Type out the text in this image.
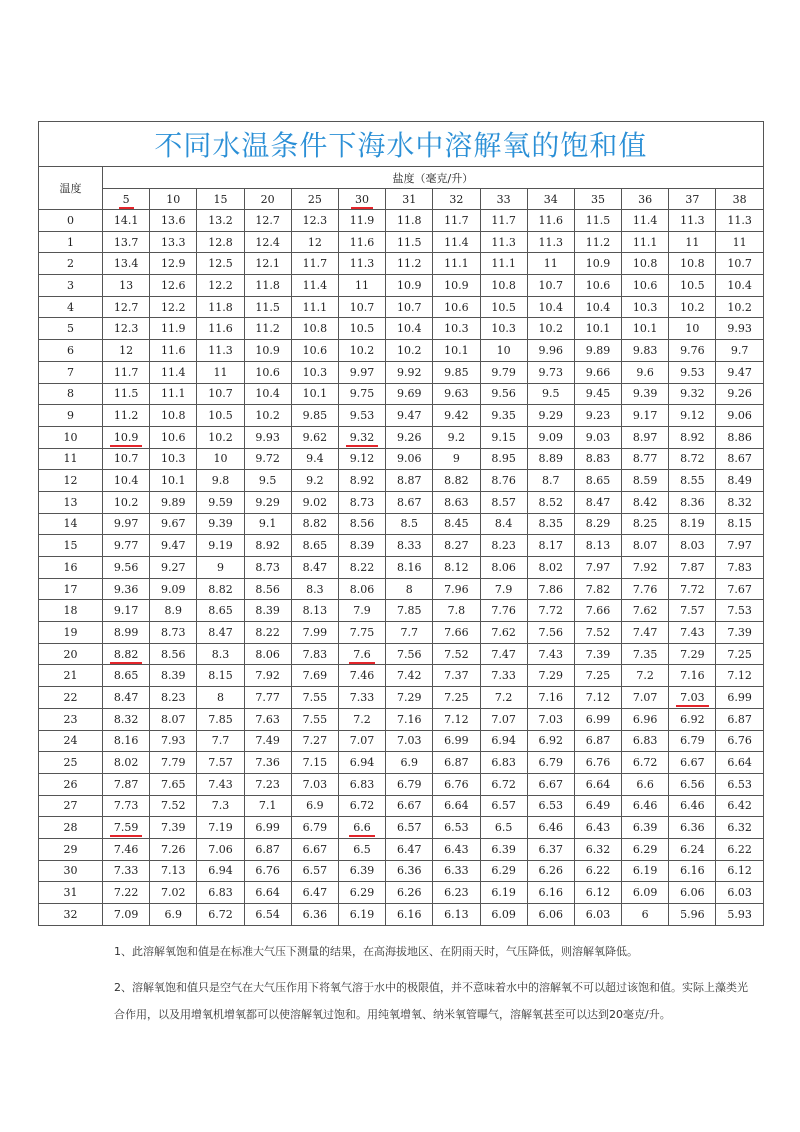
不同水温条件下海水中溶解氧的饱和值														
温度	盐度（毫克/升）													
	5	10	15	20	25	30	31	32	33	34	35	36	37	38
0	14.1	13.6	13.2	12.7	12.3	11.9	11.8	11.7	11.7	11.6	11.5	11.4	11.3	11.3
1	13.7	13.3	12.8	12.4	12	11.6	11.5	11.4	11.3	11.3	11.2	11.1	11	11
2	13.4	12.9	12.5	12.1	11.7	11.3	11.2	11.1	11.1	11	10.9	10.8	10.8	10.7
3	13	12.6	12.2	11.8	11.4	11	10.9	10.9	10.8	10.7	10.6	10.6	10.5	10.4
4	12.7	12.2	11.8	11.5	11.1	10.7	10.7	10.6	10.5	10.4	10.4	10.3	10.2	10.2
5	12.3	11.9	11.6	11.2	10.8	10.5	10.4	10.3	10.3	10.2	10.1	10.1	10	9.93
6	12	11.6	11.3	10.9	10.6	10.2	10.2	10.1	10	9.96	9.89	9.83	9.76	9.7
7	11.7	11.4	11	10.6	10.3	9.97	9.92	9.85	9.79	9.73	9.66	9.6	9.53	9.47
8	11.5	11.1	10.7	10.4	10.1	9.75	9.69	9.63	9.56	9.5	9.45	9.39	9.32	9.26
9	11.2	10.8	10.5	10.2	9.85	9.53	9.47	9.42	9.35	9.29	9.23	9.17	9.12	9.06
10	10.9	10.6	10.2	9.93	9.62	9.32	9.26	9.2	9.15	9.09	9.03	8.97	8.92	8.86
11	10.7	10.3	10	9.72	9.4	9.12	9.06	9	8.95	8.89	8.83	8.77	8.72	8.67
12	10.4	10.1	9.8	9.5	9.2	8.92	8.87	8.82	8.76	8.7	8.65	8.59	8.55	8.49
13	10.2	9.89	9.59	9.29	9.02	8.73	8.67	8.63	8.57	8.52	8.47	8.42	8.36	8.32
14	9.97	9.67	9.39	9.1	8.82	8.56	8.5	8.45	8.4	8.35	8.29	8.25	8.19	8.15
15	9.77	9.47	9.19	8.92	8.65	8.39	8.33	8.27	8.23	8.17	8.13	8.07	8.03	7.97
16	9.56	9.27	9	8.73	8.47	8.22	8.16	8.12	8.06	8.02	7.97	7.92	7.87	7.83
17	9.36	9.09	8.82	8.56	8.3	8.06	8	7.96	7.9	7.86	7.82	7.76	7.72	7.67
18	9.17	8.9	8.65	8.39	8.13	7.9	7.85	7.8	7.76	7.72	7.66	7.62	7.57	7.53
19	8.99	8.73	8.47	8.22	7.99	7.75	7.7	7.66	7.62	7.56	7.52	7.47	7.43	7.39
20	8.82	8.56	8.3	8.06	7.83	7.6	7.56	7.52	7.47	7.43	7.39	7.35	7.29	7.25
21	8.65	8.39	8.15	7.92	7.69	7.46	7.42	7.37	7.33	7.29	7.25	7.2	7.16	7.12
22	8.47	8.23	8	7.77	7.55	7.33	7.29	7.25	7.2	7.16	7.12	7.07	7.03	6.99
23	8.32	8.07	7.85	7.63	7.55	7.2	7.16	7.12	7.07	7.03	6.99	6.96	6.92	6.87
24	8.16	7.93	7.7	7.49	7.27	7.07	7.03	6.99	6.94	6.92	6.87	6.83	6.79	6.76
25	8.02	7.79	7.57	7.36	7.15	6.94	6.9	6.87	6.83	6.79	6.76	6.72	6.67	6.64
26	7.87	7.65	7.43	7.23	7.03	6.83	6.79	6.76	6.72	6.67	6.64	6.6	6.56	6.53
27	7.73	7.52	7.3	7.1	6.9	6.72	6.67	6.64	6.57	6.53	6.49	6.46	6.46	6.42
28	7.59	7.39	7.19	6.99	6.79	6.6	6.57	6.53	6.5	6.46	6.43	6.39	6.36	6.32
29	7.46	7.26	7.06	6.87	6.67	6.5	6.47	6.43	6.39	6.37	6.32	6.29	6.24	6.22
30	7.33	7.13	6.94	6.76	6.57	6.39	6.36	6.33	6.29	6.26	6.22	6.19	6.16	6.12
31	7.22	7.02	6.83	6.64	6.47	6.29	6.26	6.23	6.19	6.16	6.12	6.09	6.06	6.03
32	7.09	6.9	6.72	6.54	6.36	6.19	6.16	6.13	6.09	6.06	6.03	6	5.96	5.93

1、此溶解氧饱和值是在标准大气压下测量的结果，在高海拔地区、在阴雨天时，气压降低，则溶解氧降低。

2、溶解氧饱和值只是空气在大气压作用下将氧气溶于水中的极限值，并不意味着水中的溶解氧不可以超过该饱和值。实际上藻类光合作用，以及用增氧机增氧都可以使溶解氧过饱和。用纯氧增氧、纳米氧管曝气，溶解氧甚至可以达到20毫克/升。
